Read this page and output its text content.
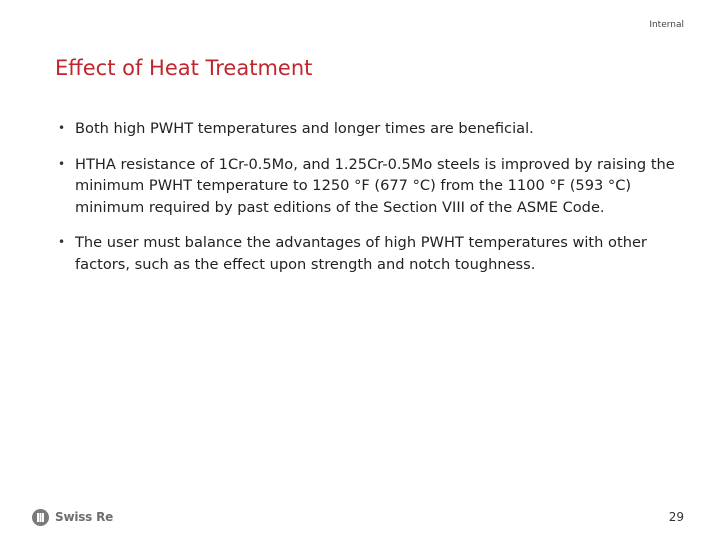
Internal
Effect of Heat Treatment
• Both high PWHT temperatures and longer times are beneficial.
• HTHA resistance of 1Cr-0.5Mo, and 1.25Cr-0.5Mo steels is improved by raising the minimum PWHT temperature to 1250 °F (677 °C) from the 1100 °F (593 °C) minimum required by past editions of the Section VIII of the ASME Code.
• The user must balance the advantages of high PWHT temperatures with other factors, such as the effect upon strength and notch toughness.
Swiss Re	29
